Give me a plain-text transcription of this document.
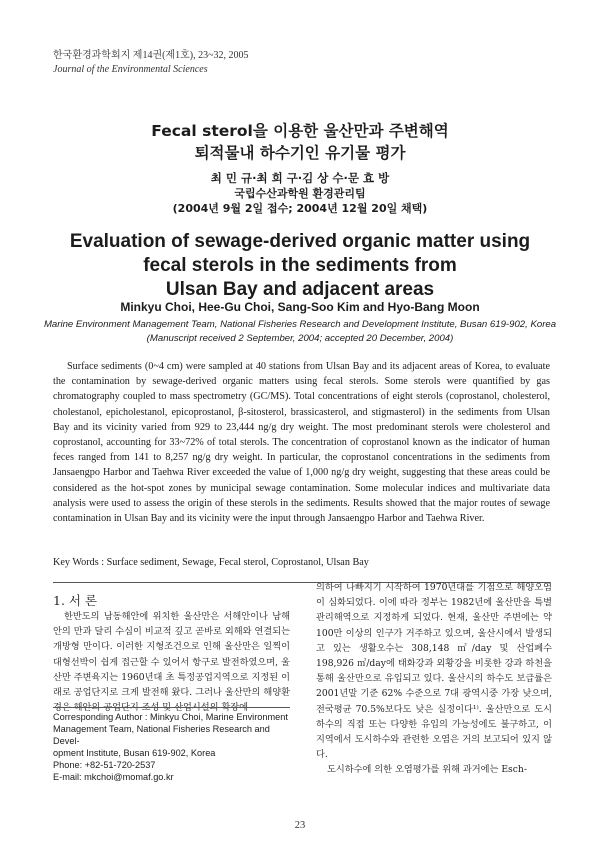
한국환경과학회지 제14권(제1호), 23~32, 2005
Journal of the Environmental Sciences
Fecal sterol을 이용한 울산만과 주변해역
퇴적물내 하수기인 유기물 평가
최 민 규·최 희 구·김 상 수·문 효 방
국립수산과학원 환경관리팀
(2004년 9월 2일 접수; 2004년 12월 20일 채택)
Evaluation of sewage-derived organic matter using
fecal sterols in the sediments from
Ulsan Bay and adjacent areas
Minkyu Choi, Hee-Gu Choi, Sang-Soo Kim and Hyo-Bang Moon
Marine Environment Management Team, National Fisheries Research and Development Institute, Busan 619-902, Korea
(Manuscript received 2 September, 2004; accepted 20 December, 2004)

Surface sediments (0~4 cm) were sampled at 40 stations from Ulsan Bay and its adjacent areas of Korea, to evaluate the contamination by sewage-derived organic matters using fecal sterols. Some sterols were quantified by gas chromatography coupled to mass spectrometry (GC/MS). Total concentrations of eight sterols (coprostanol, cholesterol, cholestanol, epicholestanol, epicoprostanol, β-sitosterol, brassicasterol, and stigmasterol) in the sediments from Ulsan Bay and its vicinity varied from 929 to 23,444 ng/g dry weight. The most predominant sterols were cholesterol and coprostanol, accounting for 33~72% of total sterols. The concentration of coprostanol known as the indicator of human feces ranged from 141 to 8,257 ng/g dry weight. In particular, the coprostanol concentrations in the sediments from Jansaengpo Harbor and Taehwa River exceeded the value of 1,000 ng/g dry weight, suggesting that these areas could be considered as the hot-spot zones by municipal sewage contamination. Some molecular indices and multivariate data analysis were used to assess the origin of these sterols in the sediments. Results showed that the major routes of sewage contamination in Ulsan Bay and its vicinity were the input through Jansaengpo Harbor and Taehwa River.

Key Words : Surface sediment, Sewage, Fecal sterol, Coprostanol, Ulsan Bay
1. 서 론

한반도의 남동해안에 위치한 울산만은 서해안이나 남해안의 만과 달리 수심이 비교적 깊고 곧바로 외해와 연결되는 개방형 만이다. 이러한 지형조건으로 인해 울산만은 일찍이 대형선박이 쉽게 접근할 수 있어서 항구로 발전하였으며, 울산만 주변육지는 1960년대 초 특정공업지역으로 지정된 이래로 공업단지로 크게 발전해 왔다. 그러나 울산만의 해양환경은 해안의 공업단지 조성 및 산업시설의 확장에

Corresponding Author : Minkyu Choi, Marine Environment
Management Team, National Fisheries Research and Devel-
opment Institute, Busan 619-902, Korea
Phone: +82-51-720-2537
E-mail: mkchoi@momaf.go.kr

의하여 나빠지기 시작하여 1970년대를 기점으로 해양오염이 심화되었다. 이에 따라 정부는 1982년에 울산만을 특별관리해역으로 지정하게 되었다. 현재, 울산만 주변에는 약 100만 이상의 인구가 거주하고 있으며, 울산시에서 발생되고 있는 생활오수는 308,148 ㎥/day 및 산업폐수 198,926 ㎥/day에 태화강과 외황강을 비롯한 강과 하천을 통해 울산만으로 유입되고 있다. 울산시의 하수도 보급률은 2001년말 기준 62% 수준으로 7대 광역시중 가장 낮으며, 전국평균 70.5%보다도 낮은 실정이다¹⁾. 울산만으로 도시하수의 직접 또는 다양한 유입의 가능성에도 불구하고, 이 지역에서 도시하수와 관련한 오염은 거의 보고되어 있지 않다.

도시하수에 의한 오염평가를 위해 과거에는 Esch-

23
